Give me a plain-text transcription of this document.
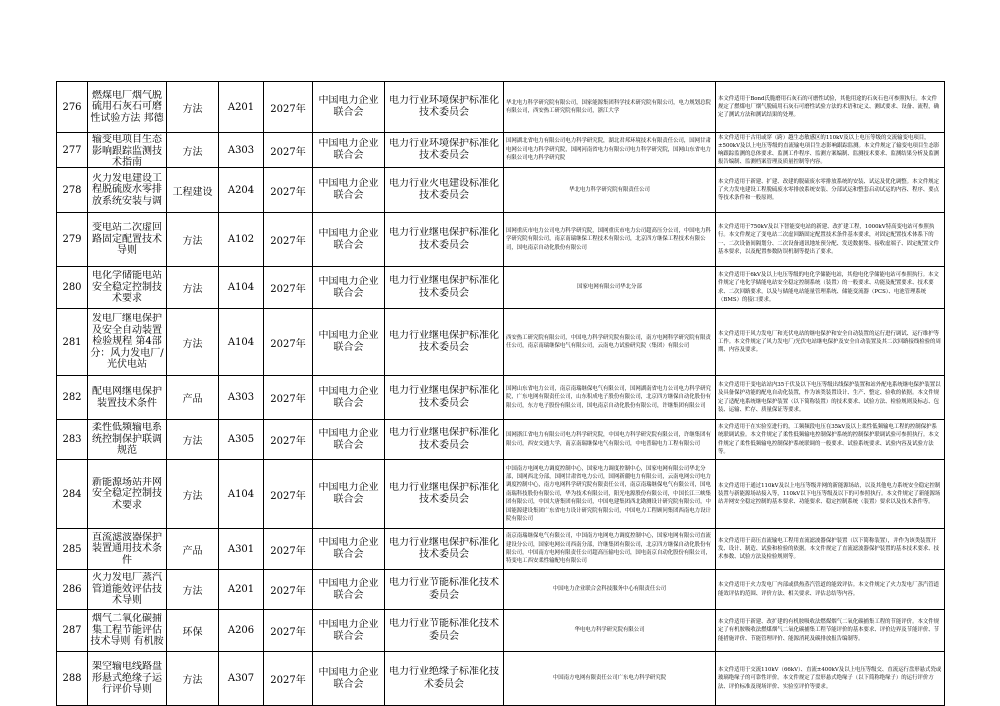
276	燃煤电厂烟气脱硫用石灰石可磨性试验方法 邦德	方法	A201	2027年	中国电力企业联合会	电力行业环境保护标准化技术委员会	华北电力科学研究院有限公司，国家能源集团科学技术研究院有限公司，电力规划总院有限公司，西安热工研究院有限公司，浙江大学	本文件适用于Bond氏脆磨用石灰石的可磨性试验，其他用途的石灰石也可参照执行。本文件规定了燃煤电厂烟气脱硫用石灰石可磨性试验方法的术语和定义、测试要求、设备、流程，确定了测试方法和测试结果的处理。

277	输变电项目生态影响跟踪监测技术指南	方法	A303	2027年	中国电力企业联合会	电力行业环境保护标准化技术委员会	国网湖北省电力有限公司电力科学研究院，湖北君邦环境技术有限责任公司，国网甘肃电网公司电力科学研究院，国网河南省电力有限公司电力科学研究院，国网山东省电力有限公司电力科学研究院	本文件适用于古用或穿（跨）越生态敏感区的110kV及以上电压等级的交流输变电项目，±500kV及以上电压等级的直流输电项目生态影响跟踪监测。本文件规定了输变电项目生态影响跟踪监测的总体要求、监测工作程序、监测方案编制、监测技术要求、监测结果分析及监测报告编制、监测档案管理及质量控制等内容。

278	火力发电建设工程脱硫废水零排放系统安装与调	工程建设	A204	2027年	中国电力企业联合会	电力行业火电建设标准化技术委员会	华北电力科学研究院有限责任公司	本文件适用于新建、扩建、改建的脱硫废水零排放系统的安装、试运及优化调整。本文件规定了火力发电建设工程脱硫废水零排放系统安装、分部试运和整套启动试运的内容、程序、要点等技术条件和一般原则。

279	变电站二次虚回路固定配置技术导则	方法	A102	2027年	中国电力企业联合会	电力行业继电保护标准化技术委员会	国网重庆市电力公司电力科学研究院，国网重庆市电力公司超高压分公司，中国电力科学研究院有限公司，南京南瑞继保工程技术有限公司，北京四方继保工程技术有限公司，国电南京自动化股份有限公司	本文件适用于750kV及以下智能变电站的新建、改扩建工程，1000kV特高变电站可参照执行。本文件规定了变电站二次虚回路固定配置技术条件基本要求，对固定配置技术体系下的一、二次设备间隔划分、二次设备通讯地址预分配、发送数据集、接收虚端子、固定配置文件基本要求，以及配置参数防误机制等提出了要求。

280	电化学储能电站安全稳定控制技术要求	方法	A104	2027年	中国电力企业联合会	电力行业继电保护标准化技术委员会	国家电网有限公司华北分部	本文件适用于6kV及以上电压等级的电化学储能电站，其他电化学储能电站可参照执行。本文件规定了电化学储能电站安全稳定控制系统（装置）的一般要求、功能及配置要求、技术要求、二次回路要求，以及与储能电站能量管理系统、储能变流器（PCS）、电池管理系统（BMS）的接口要求。

281	发电厂继电保护及安全自动装置检验规程 第4部分：风力发电厂/光伏电站	方法	A104	2027年	中国电力企业联合会	电力行业继电保护标准化技术委员会	西安热工研究院有限公司，中国电力科学研究院有限公司，南方电网科学研究院有限责任公司，南京南瑞继保电气有限公司，云南电力试验研究院（集团）有限公司	本文件适用于风力发电厂和光伏电站的继电保护和安全自动装置的运行进行调试、运行维护等工作。本文件规定了风力发电厂/光伏电站继电保护及安全自动装置及其二次回路接线检验的周期、内容及要求。

282	配电网继电保护装置技术条件	产品	A303	2027年	中国电力企业联合会	电力行业继电保护标准化技术委员会	国网山东省电力公司，南京南瑞继保电气有限公司，国网湖南省电力公司电力科学研究院，广东电网有限责任公司，山东积成电子股份有限公司，北京四方继保自动化股份有限公司，东方电子股份有限公司，国电南京自动化股份有限公司，许继集团有限公司	本文件适用于变电站站内35千伏及以下电压等级出线保护装置和站外配电系统继电保护装置以及具备保护功能的配电自动化装置，作为该类装置设计、生产、整定、验收的依据。本文件规定了适配电系统继电保护装置（以下简称装置）的技术要求、试验方法、检验规则及标志、包装、运输、贮存、质量保证等要求。

283	柔性低频输电系统控制保护联调规范	方法	A305	2027年	中国电力企业联合会	电力行业继电保护标准化技术委员会	国网浙江省电力有限公司电力科学研究院，中国电力科学研究院有限公司，许继集团有限公司，西安交通大学，南京南瑞继保电气有限公司，中电普瑞电力工程有限公司	本文件适用于在实验室进行的，工频频段电压在35kV及以上柔性低频输电工程的控制保护系统联调试验。本文件规定了柔性低频输电控制保护系统的控制保护联调试验可参照执行。本文件规定了柔性低频输电控制保护系统联调的一般要求、试验系统要求、试验内容及试验方法等。

284	新能源场站并网安全稳定控制技术要求	方法	A104	2027年	中国电力企业联合会	电力行业继电保护标准化技术委员会	中国南方电网电力调度控制中心，国家电力调度控制中心，国家电网有限公司华北分部，国网西北分部，国网甘肃省电力公司，国网新疆电力有限公司，云南电网公司电力调度控制中心，南方电网科学研究院有限责任公司，南京南瑞继保电气有限公司，国电南瑞科技股份有限公司，华为技术有限公司，阳光电源股份有限公司，中国长江三峡集团有限公司，中国大唐集团有限公司，中国电建集团西北勘测设计研究院有限公司，中国能源建设集团广东省电力设计研究院有限公司，中国电力工程顾问集团西南电力设计院有限公司	本文件适用于通过110kV及以上电压等级并网的新能源场站，以及其他电力系统安全稳定控制装置与新能源场站接入等，110kV以下电压等级及以下的可参照执行。本文件规定了新能源场站并网安全稳定控制的基本要求、功能要求、稳定控制系统（装置）要求以及技术条件等。

285	直流滤波器保护装置通用技术条件	产品	A301	2027年	中国电力企业联合会	电力行业继电保护标准化技术委员会	南京南瑞继保电气有限公司，中国南方电网电力调度控制中心，国家电网有限公司直流建设分公司，国家电网公司西南分部，许继集团有限公司，北京四方继保自动化股份有限公司，中国南方电网有限责任公司超高压输电公司，国电南京自动化股份有限公司，特变电工西安柔性输配电有限公司	本文件适用于高压直流输电工程用直流滤波器保护装置（以下简称装置），并作为该类装置开发、设计、制造、试验和检验的依据。本文件规定了直流滤波器保护装置的基本技术要求、技术参数、试验方法及检验规则等。

286	火力发电厂蒸汽管道能效评估技术导则	方法	A201	2027年	中国电力企业联合会	电力行业节能标准化技术委员会	中国电力企业联合会科技服务中心有限责任公司	本文件适用于火力发电厂内部或供热蒸汽管道的能效评估。本文件规定了火力发电厂蒸汽管道能效评估的范围、评价方法、相关要求、评估总结等内容。

287	烟气二氧化碳捕集工程节能评估技术导则 有机胺	环保	A206	2027年	中国电力企业联合会	电力行业节能标准化技术委员会	华电电力科学研究院有限公司	本文件适用于新建、改扩建的有机胺吸收法燃煤烟气二氧化碳捕集工程的节能评价。本文件规定了有机胺吸收法燃煤烟气二氧化碳捕集工程节能评价的基本要求、评价边界及节能评价、节能措施评价、节能管理评价、能源消耗及碳排放报告编制等。

288	架空输电线路盘形悬式绝缘子运行评价导则	方法	A307	2027年	中国电力企业联合会	电力行业绝缘子标准化技术委员会	中国南方电网有限责任公司广东电力科学研究院	本文件适用于交流110kV（66kV）、直流±400kV及以上电压等级交、直流运行盘形悬式瓷或玻璃绝缘子的可靠性评价。本文件规定了盘形悬式绝缘子（以下简称绝缘子）的运行评价方法、评价标准及现场评价、实验室评价等要求。
